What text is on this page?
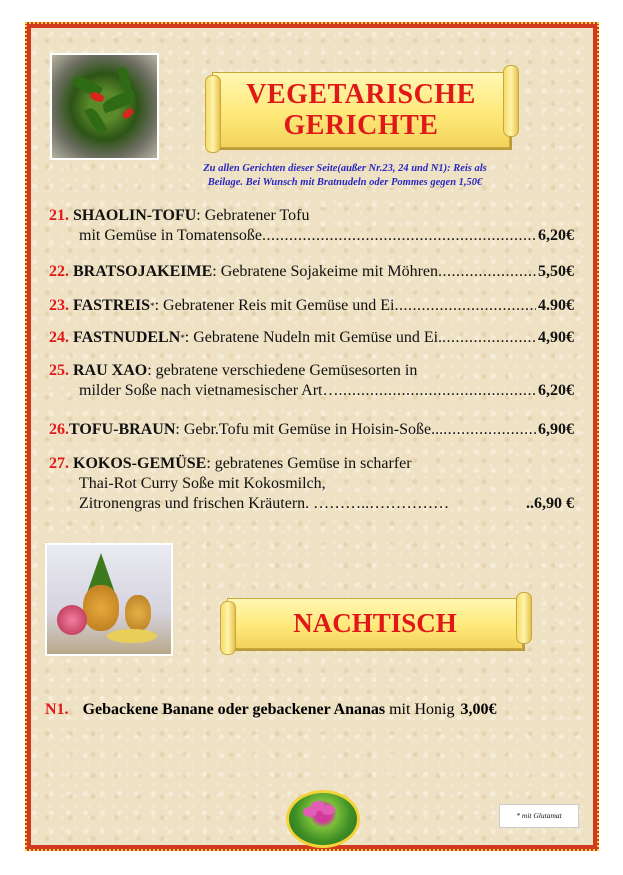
VEGETARISCHE
GERICHTE
Zu allen Gerichten dieser Seite(außer Nr.23, 24 und N1): Reis als
Beilage. Bei Wunsch mit Bratnudeln oder Pommes gegen 1,50€
21.
SHAOLIN-TOFU : Gebratener Tofu
mit Gemüse in Tomatensoße .....	6,20€
22.
BRATSOJAKEIME : Gebratene Sojakeime mit Möhren .....	5,50€
23.
FASTREIS * : Gebratener Reis mit Gemüse und Ei .....	4.90€
24.
FASTNUDELN * : Gebratene Nudeln mit Gemüse und Ei. .....	4,90€
25.
RAU XAO : gebratene verschiedene Gemüsesorten in
milder Soße nach vietnamesischer Art… .....	6,20€
26. TOFU-BRAUN : Gebr.Tofu mit Gemüse in Hoisin-Soße... .....	6,90€
27.
KOKOS-GEMÜSE : gebratenes Gemüse in scharfer
Thai-Rot Curry Soße mit Kokosmilch,
Zitronengras und frischen Kräutern. ………..……………	..6,90 €
NACHTISCH
N1. Gebackene Banane oder gebackener Ananas mit Honig 3,00€
* mit Glutamat
